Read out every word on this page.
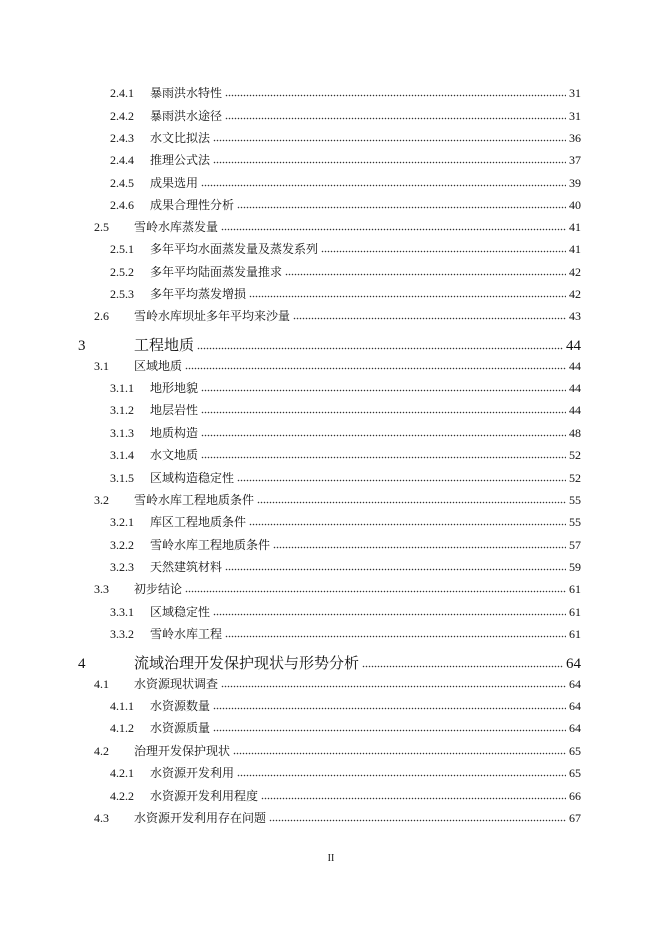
2.4.1	暴雨洪水特性	31
2.4.2	暴雨洪水途径	31
2.4.3	水文比拟法	36
2.4.4	推理公式法	37
2.4.5	成果选用	39
2.4.6	成果合理性分析	40
2.5	雪岭水库蒸发量	41
2.5.1	多年平均水面蒸发量及蒸发系列	41
2.5.2	多年平均陆面蒸发量推求	42
2.5.3	多年平均蒸发增损	42
2.6	雪岭水库坝址多年平均来沙量	43
3	工程地质	44
3.1	区域地质	44
3.1.1	地形地貌	44
3.1.2	地层岩性	44
3.1.3	地质构造	48
3.1.4	水文地质	52
3.1.5	区域构造稳定性	52
3.2	雪岭水库工程地质条件	55
3.2.1	库区工程地质条件	55
3.2.2	雪岭水库工程地质条件	57
3.2.3	天然建筑材料	59
3.3	初步结论	61
3.3.1	区域稳定性	61
3.3.2	雪岭水库工程	61
4	流域治理开发保护现状与形势分析	64
4.1	水资源现状调查	64
4.1.1	水资源数量	64
4.1.2	水资源质量	64
4.2	治理开发保护现状	65
4.2.1	水资源开发利用	65
4.2.2	水资源开发利用程度	66
4.3	水资源开发利用存在问题	67
II
